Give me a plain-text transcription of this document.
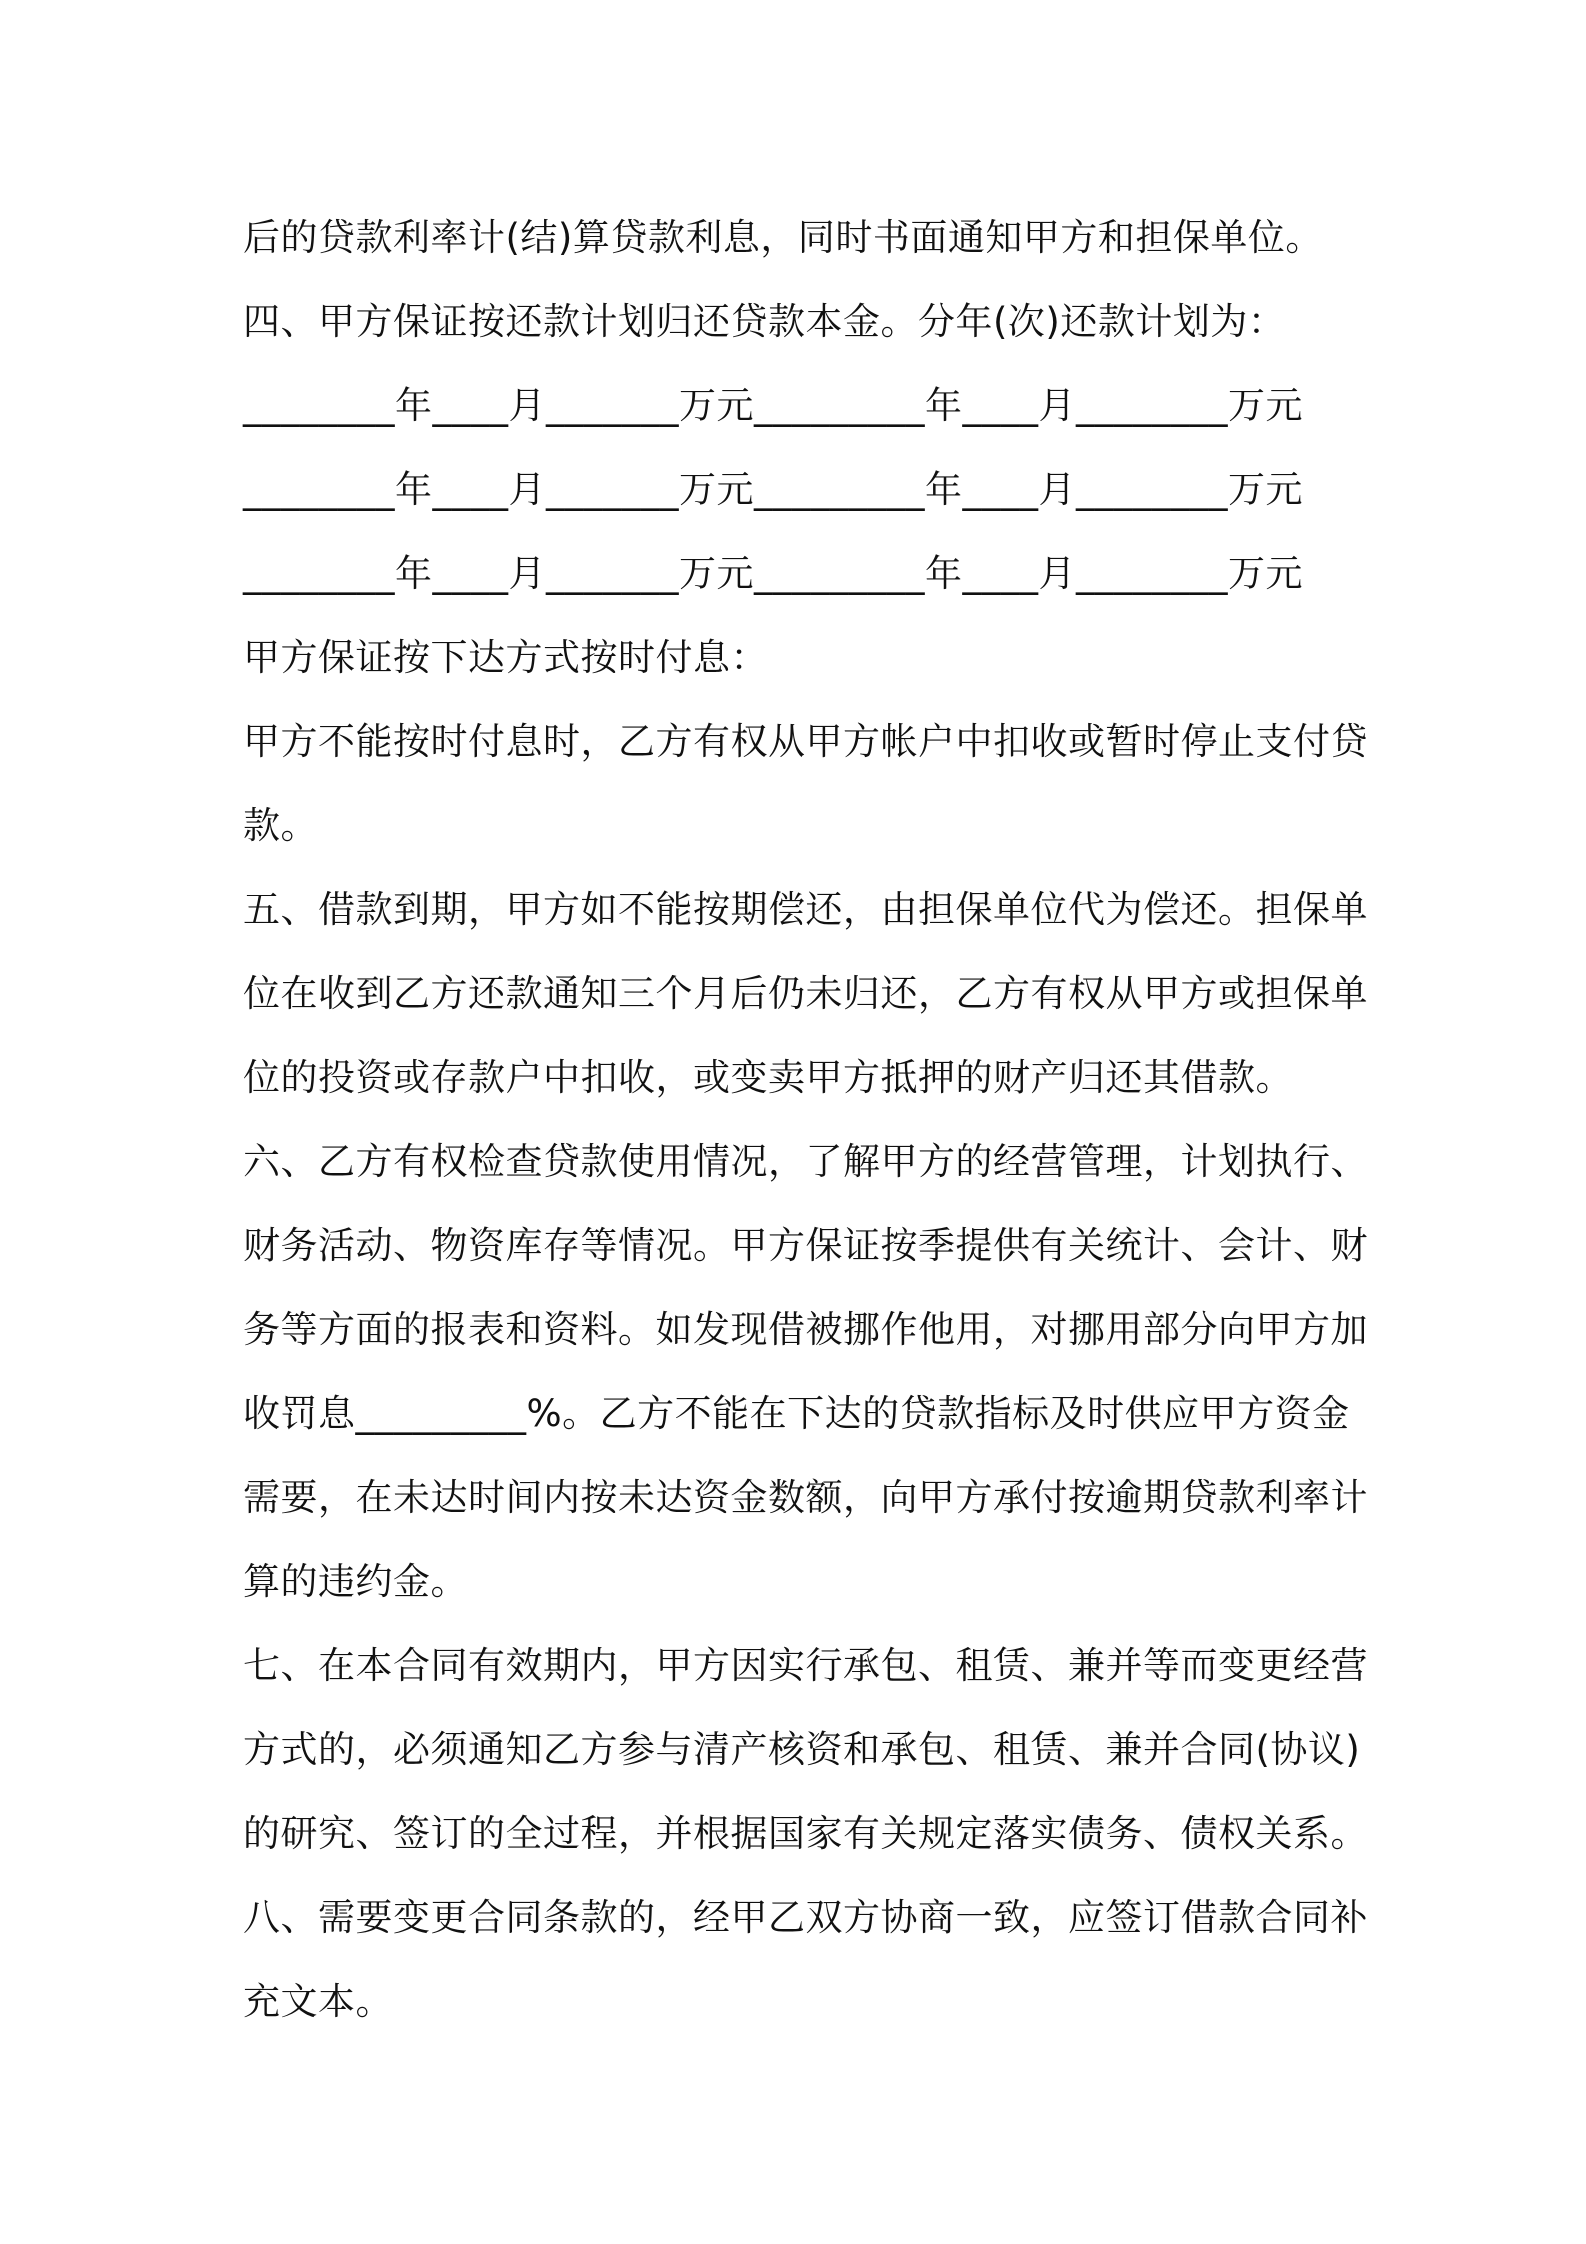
后的贷款利率计(结)算贷款利息，同时书面通知甲方和担保单位。
四、甲方保证按还款计划归还贷款本金。分年(次)还款计划为：
________年____月_______万元_________年____月________万元
________年____月_______万元_________年____月________万元
________年____月_______万元_________年____月________万元
甲方保证按下达方式按时付息：
甲方不能按时付息时，乙方有权从甲方帐户中扣收或暂时停止支付贷
款。
五、借款到期，甲方如不能按期偿还，由担保单位代为偿还。担保单
位在收到乙方还款通知三个月后仍未归还，乙方有权从甲方或担保单
位的投资或存款户中扣收，或变卖甲方抵押的财产归还其借款。
六、乙方有权检查贷款使用情况，了解甲方的经营管理，计划执行、
财务活动、物资库存等情况。甲方保证按季提供有关统计、会计、财
务等方面的报表和资料。如发现借被挪作他用，对挪用部分向甲方加
收罚息_________%。乙方不能在下达的贷款指标及时供应甲方资金
需要，在未达时间内按未达资金数额，向甲方承付按逾期贷款利率计
算的违约金。
七、在本合同有效期内，甲方因实行承包、租赁、兼并等而变更经营
方式的，必须通知乙方参与清产核资和承包、租赁、兼并合同(协议)
的研究、签订的全过程，并根据国家有关规定落实债务、债权关系。
八、需要变更合同条款的，经甲乙双方协商一致，应签订借款合同补
充文本。
